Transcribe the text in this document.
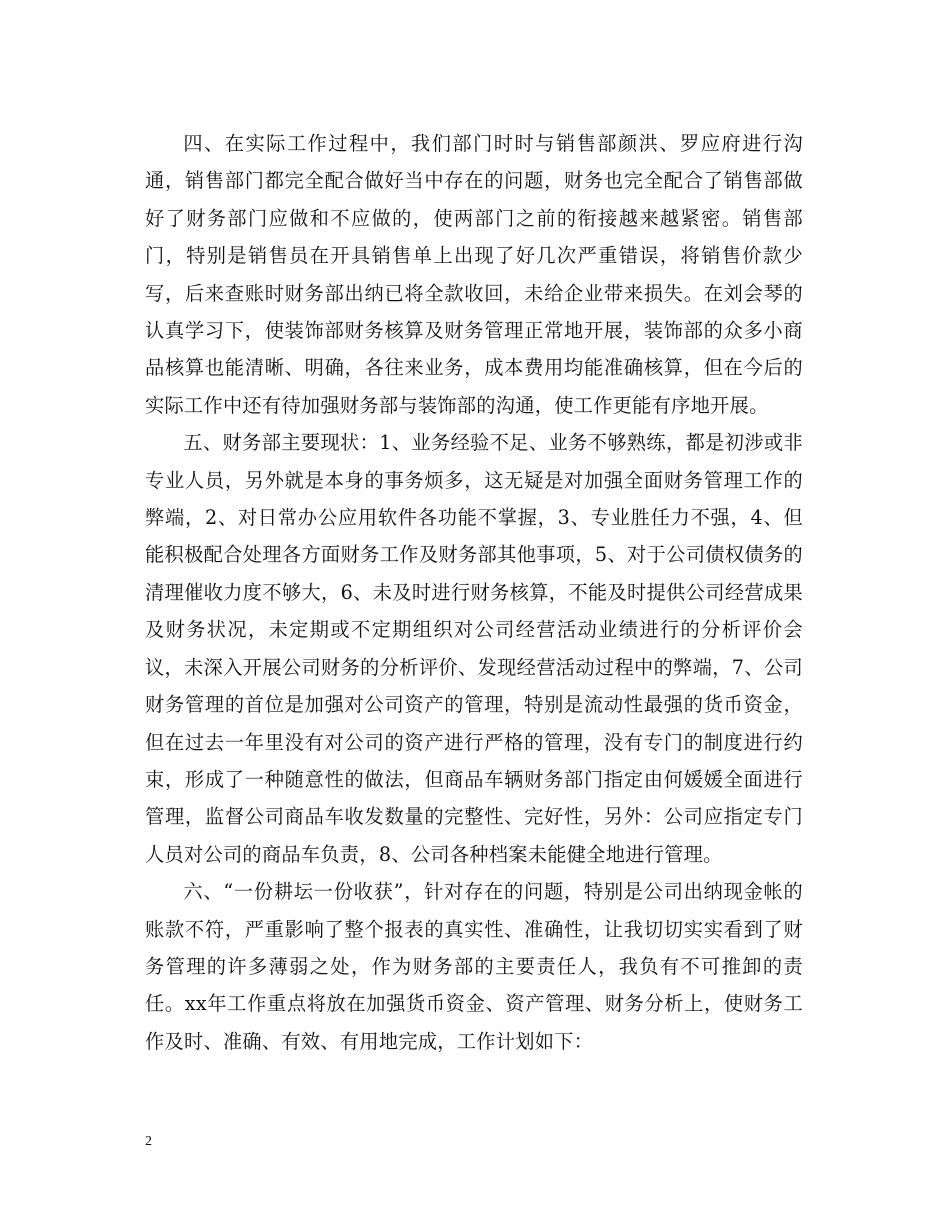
四、在实际工作过程中，我们部门时时与销售部颜洪、罗应府进行沟通，销售部门都完全配合做好当中存在的问题，财务也完全配合了销售部做好了财务部门应做和不应做的，使两部门之前的衔接越来越紧密。销售部门，特别是销售员在开具销售单上出现了好几次严重错误，将销售价款少写，后来查账时财务部出纳已将全款收回，未给企业带来损失。在刘会琴的认真学习下，使装饰部财务核算及财务管理正常地开展，装饰部的众多小商品核算也能清晰、明确，各往来业务，成本费用均能准确核算，但在今后的实际工作中还有待加强财务部与装饰部的沟通，使工作更能有序地开展。

五、财务部主要现状：1、业务经验不足、业务不够熟练，都是初涉或非专业人员，另外就是本身的事务烦多，这无疑是对加强全面财务管理工作的弊端，2、对日常办公应用软件各功能不掌握，3、专业胜任力不强，4、但能积极配合处理各方面财务工作及财务部其他事项，5、对于公司债权债务的清理催收力度不够大，6、未及时进行财务核算，不能及时提供公司经营成果及财务状况，未定期或不定期组织对公司经营活动业绩进行的分析评价会议，未深入开展公司财务的分析评价、发现经营活动过程中的弊端，7、公司财务管理的首位是加强对公司资产的管理，特别是流动性最强的货币资金，但在过去一年里没有对公司的资产进行严格的管理，没有专门的制度进行约束，形成了一种随意性的做法，但商品车辆财务部门指定由何媛媛全面进行管理，监督公司商品车收发数量的完整性、完好性，另外：公司应指定专门人员对公司的商品车负责，8、公司各种档案未能健全地进行管理。

六、“一份耕坛一份收获”，针对存在的问题，特别是公司出纳现金帐的账款不符，严重影响了整个报表的真实性、准确性，让我切切实实看到了财务管理的许多薄弱之处，作为财务部的主要责任人，我负有不可推卸的责任。xx年工作重点将放在加强货币资金、资产管理、财务分析上，使财务工作及时、准确、有效、有用地完成，工作计划如下：

2
